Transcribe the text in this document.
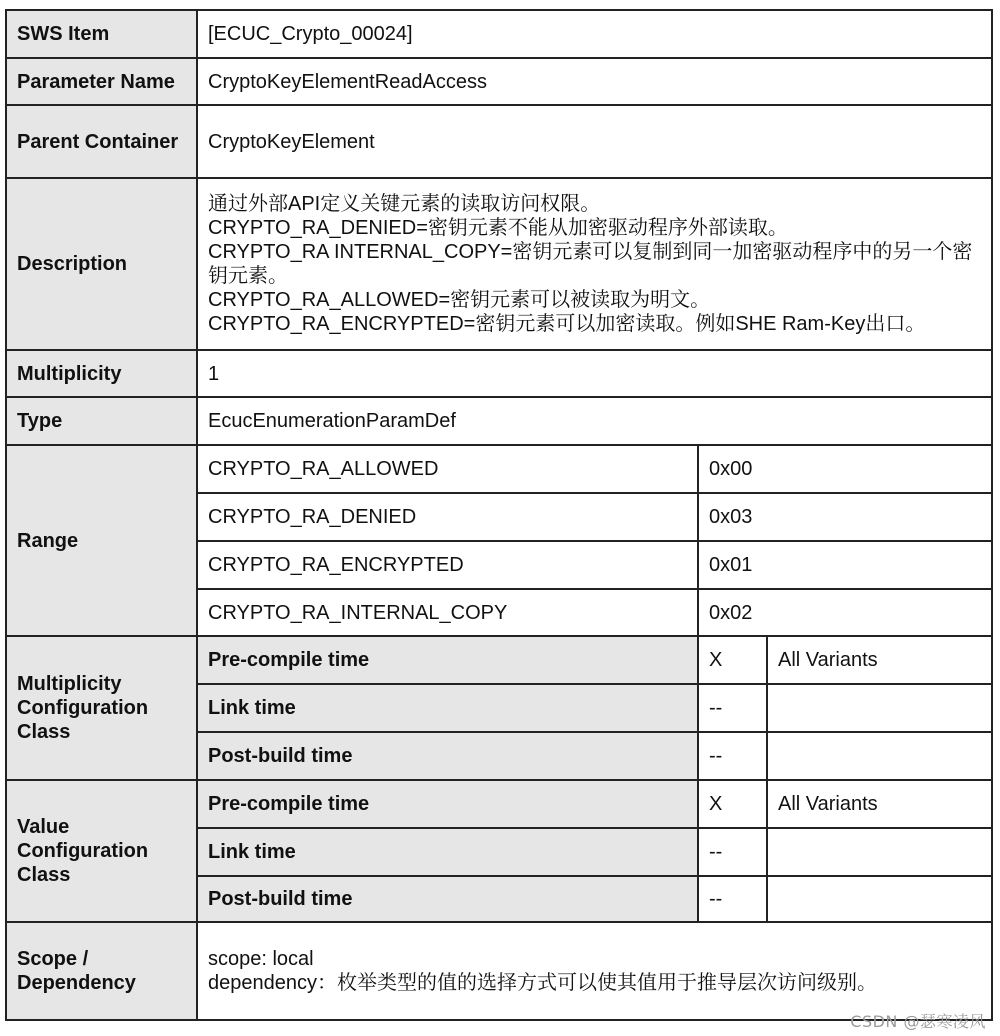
SWS Item	[ECUC_Crypto_00024]		
Parameter Name	CryptoKeyElementReadAccess		
Parent Container	CryptoKeyElement		
Description	通过外部API定义关键元素的读取访问权限。
CRYPTO_RA_DENIED=密钥元素不能从加密驱动程序外部读取。
CRYPTO_RA INTERNAL_COPY=密钥元素可以复制到同一加密驱动程序中的另一个密钥元素。
CRYPTO_RA_ALLOWED=密钥元素可以被读取为明文。
CRYPTO_RA_ENCRYPTED=密钥元素可以加密读取。例如SHE Ram-Key出口。		

Multiplicity	1		
Type	EcucEnumerationParamDef		
Range	CRYPTO_RA_ALLOWED	0x00	
	CRYPTO_RA_DENIED	0x03	
	CRYPTO_RA_ENCRYPTED	0x01	
	CRYPTO_RA_INTERNAL_COPY	0x02	
Multiplicity Configuration Class	Pre-compile time	X	All Variants
	Link time	--	
	Post-build time	--	
Value Configuration Class	Pre-compile time	X	All Variants
	Link time	--	
	Post-build time	--	
Scope / Dependency	scope: local
dependency：枚举类型的值的选择方式可以使其值用于推导层次访问级别。		
CSDN @瑟寒凌风
